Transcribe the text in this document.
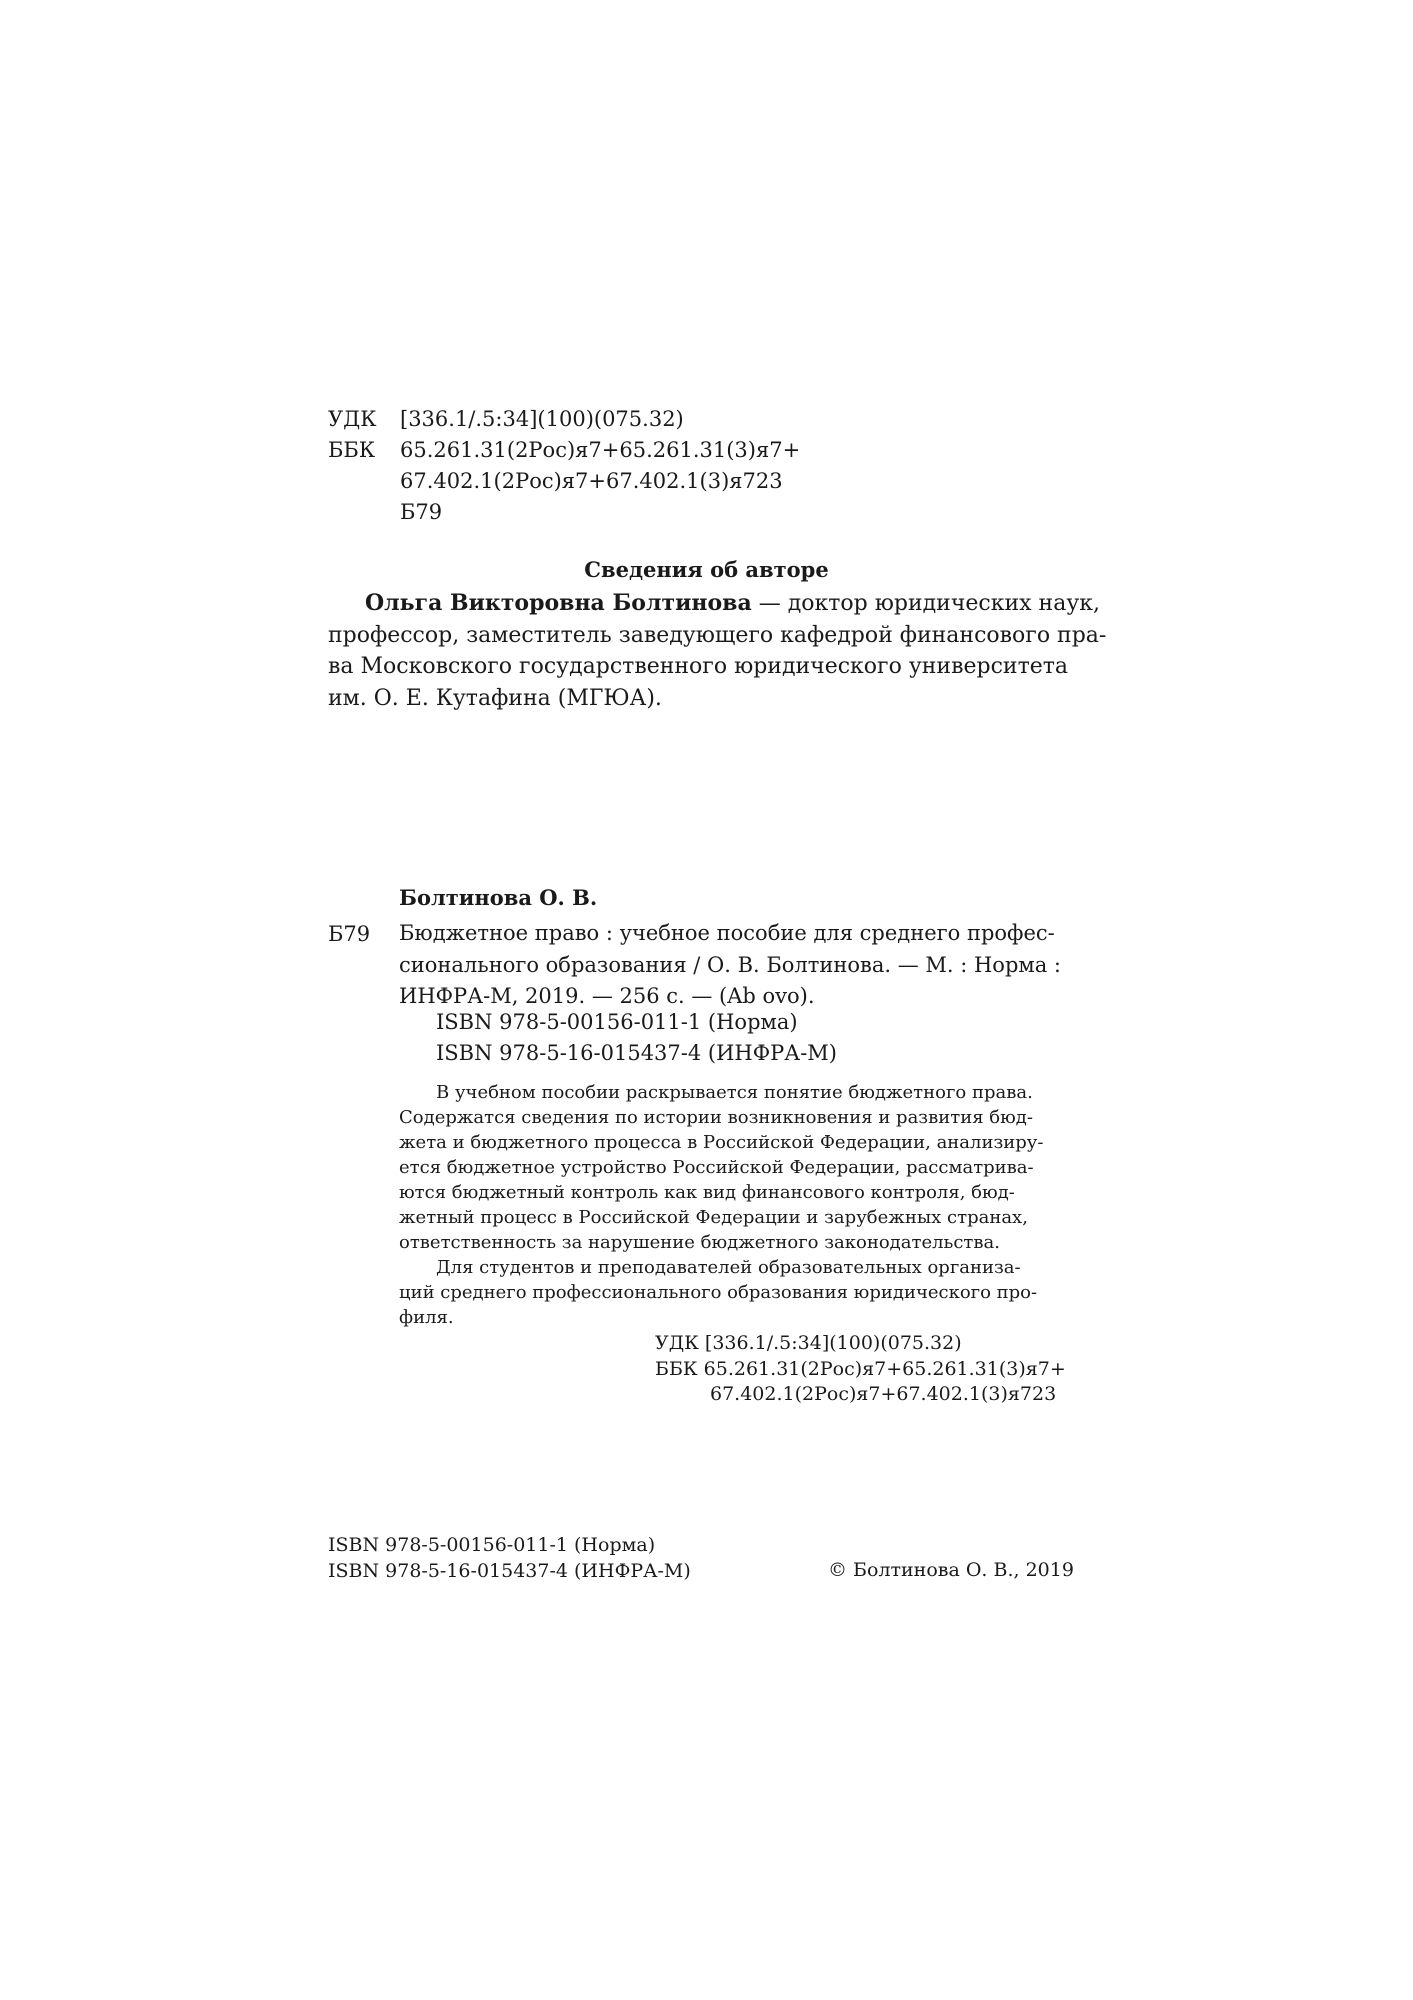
УДК [336.1/.5:34](100)(075.32)
ББК 65.261.31(2Рос)я7+65.261.31(3)я7+
67.402.1(2Рос)я7+67.402.1(3)я723
Б79
Сведения об авторе
Ольга Викторовна Болтинова — доктор юридических наук,
профессор, заместитель заведующего кафедрой финансового пра-
ва Московского государственного юридического университета
им. О. Е. Кутафина (МГЮА).
Болтинова О. В.
Б79 Бюджетное право : учебное пособие для среднего профес-
сионального образования / О. В. Болтинова. — М. : Норма :
ИНФРА-М, 2019. — 256 с. — (Ab ovo).
ISBN 978-5-00156-011-1 (Норма)
ISBN 978-5-16-015437-4 (ИНФРА-М)
В учебном пособии раскрывается понятие бюджетного права.
Содержатся сведения по истории возникновения и развития бюд-
жета и бюджетного процесса в Российской Федерации, анализиру-
ется бюджетное устройство Российской Федерации, рассматрива-
ются бюджетный контроль как вид финансового контроля, бюд-
жетный процесс в Российской Федерации и зарубежных странах,
ответственность за нарушение бюджетного законодательства.
Для студентов и преподавателей образовательных организа-
ций среднего профессионального образования юридического про-
филя.
УДК [336.1/.5:34](100)(075.32)
ББК 65.261.31(2Рос)я7+65.261.31(3)я7+
67.402.1(2Рос)я7+67.402.1(3)я723
ISBN 978-5-00156-011-1 (Норма)
ISBN 978-5-16-015437-4 (ИНФРА-М)	© Болтинова О. В., 2019
